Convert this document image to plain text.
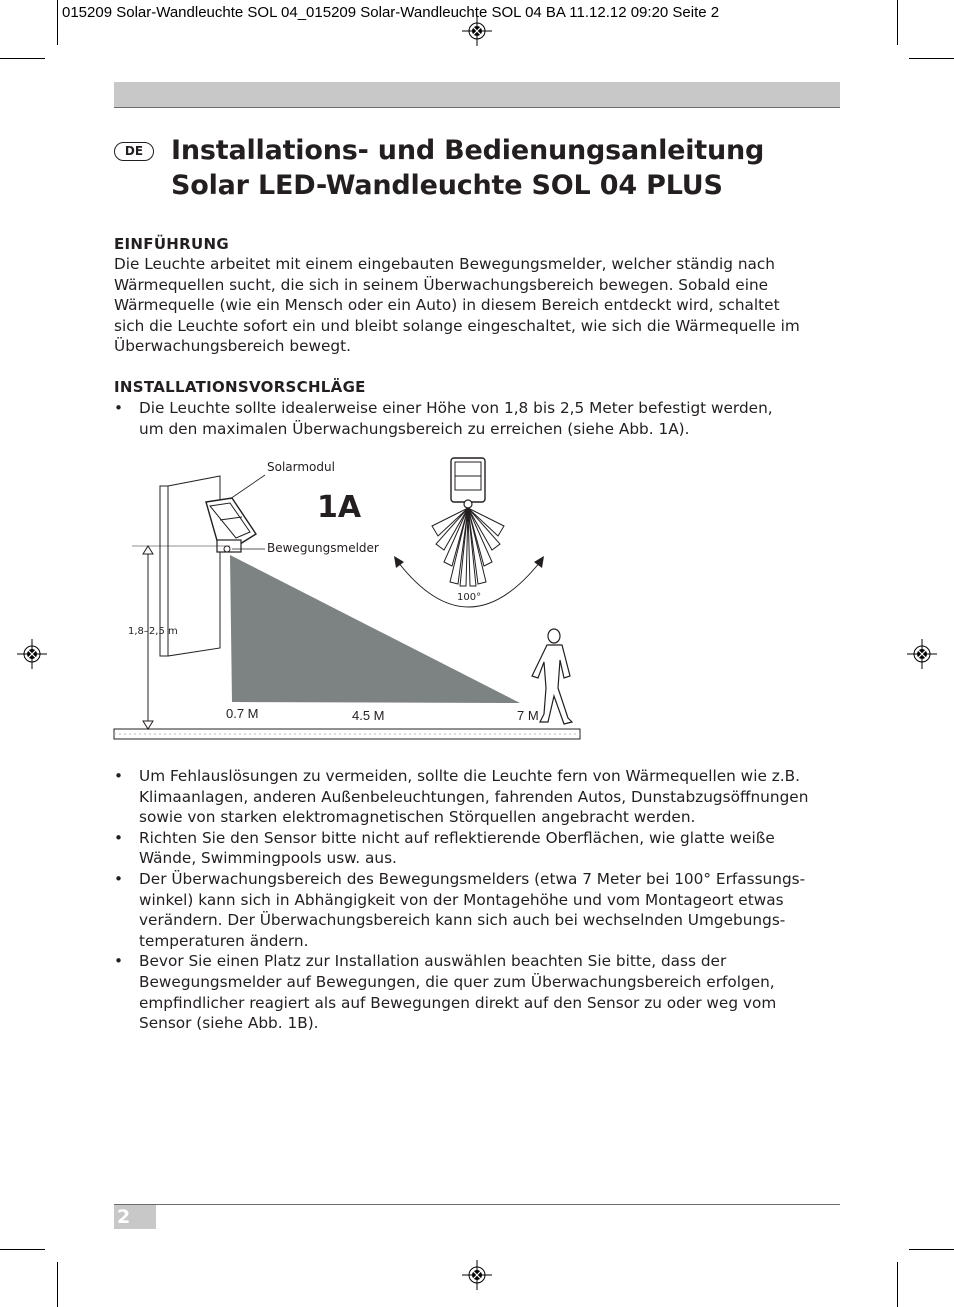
015209 Solar-Wandleuchte SOL 04_015209 Solar-Wandleuchte SOL 04 BA 11.12.12 09:20 Seite 2
DE	Installations- und Bedienungsanleitung
Solar LED-Wandleuchte SOL 04 PLUS
EINFÜHRUNG
Die Leuchte arbeitet mit einem eingebauten Bewegungsmelder, welcher ständig nach
Wärmequellen sucht, die sich in seinem Überwachungsbereich bewegen. Sobald eine
Wärmequelle (wie ein Mensch oder ein Auto) in diesem Bereich entdeckt wird, schaltet
sich die Leuchte sofort ein und bleibt solange eingeschaltet, wie sich die Wärmequelle im
Überwachungsbereich bewegt.
INSTALLATIONSVORSCHLÄGE
• Die Leuchte sollte idealerweise einer Höhe von 1,8 bis 2,5 Meter befestigt werden,
um den maximalen Überwachungsbereich zu erreichen (siehe Abb. 1A).
Solarmodul
Bewegungsmelder
1A
1,8–2,5 m
100°
0.7 M	4.5 M	7 M
• Um Fehlauslösungen zu vermeiden, sollte die Leuchte fern von Wärmequellen wie z.B.
Klimaanlagen, anderen Außenbeleuchtungen, fahrenden Autos, Dunstabzugsöffnungen
sowie von starken elektromagnetischen Störquellen angebracht werden.
• Richten Sie den Sensor bitte nicht auf reflektierende Oberflächen, wie glatte weiße
Wände, Swimmingpools usw. aus.
• Der Überwachungsbereich des Bewegungsmelders (etwa 7 Meter bei 100° Erfassungs-
winkel) kann sich in Abhängigkeit von der Montagehöhe und vom Montageort etwas
verändern. Der Überwachungsbereich kann sich auch bei wechselnden Umgebungs-
temperaturen ändern.
• Bevor Sie einen Platz zur Installation auswählen beachten Sie bitte, dass der
Bewegungsmelder auf Bewegungen, die quer zum Überwachungsbereich erfolgen,
empfindlicher reagiert als auf Bewegungen direkt auf den Sensor zu oder weg vom
Sensor (siehe Abb. 1B).
2
